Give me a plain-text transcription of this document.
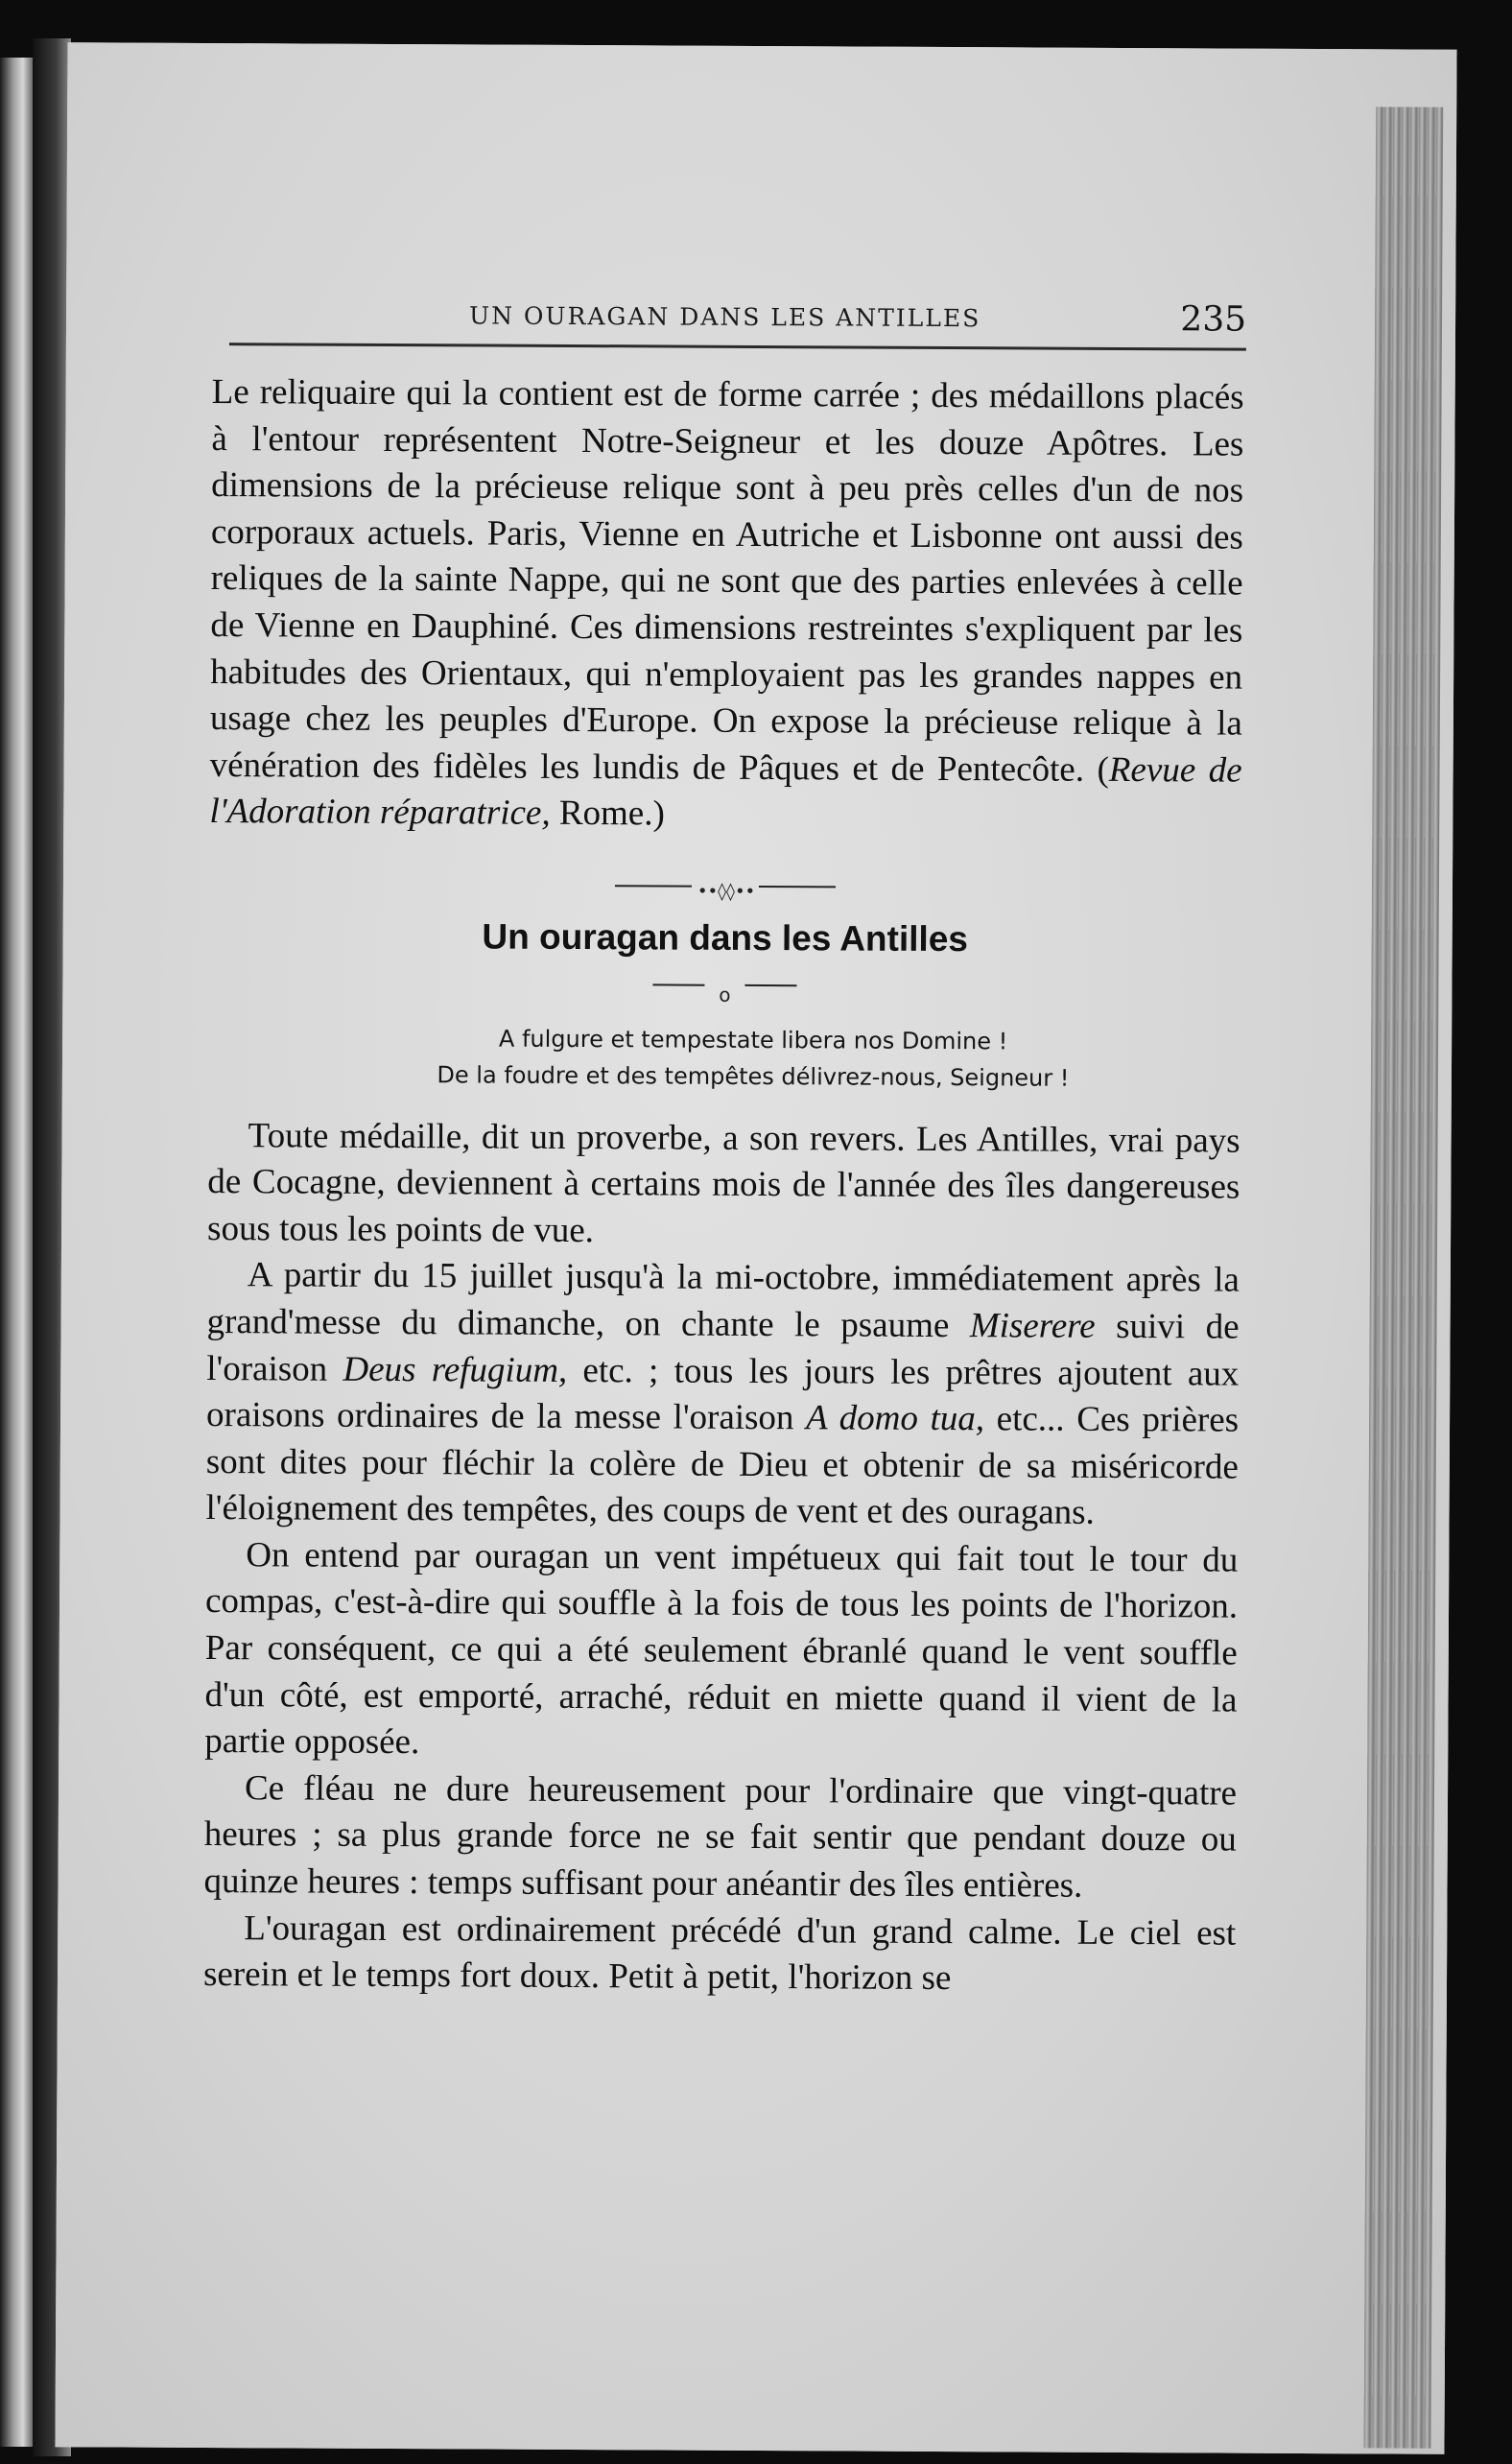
UN OURAGAN DANS LES ANTILLES	235

Le reliquaire qui la contient est de forme carrée ; des médaillons placés à l'entour représentent Notre-Seigneur et les douze Apôtres. Les dimensions de la précieuse relique sont à peu près celles d'un de nos corporaux actuels. Paris, Vienne en Autriche et Lisbonne ont aussi des reliques de la sainte Nappe, qui ne sont que des parties enlevées à celle de Vienne en Dauphiné. Ces dimensions restreintes s'expliquent par les habitudes des Orientaux, qui n'employaient pas les grandes nappes en usage chez les peuples d'Europe. On expose la précieuse relique à la vénération des fidèles les lundis de Pâques et de Pentecôte. (Revue de l'Adoration réparatrice, Rome.)

••◊◊••
Un ouragan dans les Antilles
o
A fulgure et tempestate libera nos Domine !
De la foudre et des tempêtes délivrez-nous, Seigneur !

Toute médaille, dit un proverbe, a son revers. Les Antilles, vrai pays de Cocagne, deviennent à certains mois de l'année des îles dangereuses sous tous les points de vue.

A partir du 15 juillet jusqu'à la mi-octobre, immédiatement après la grand'messe du dimanche, on chante le psaume Miserere suivi de l'oraison Deus refugium, etc. ; tous les jours les prêtres ajoutent aux oraisons ordinaires de la messe l'oraison A domo tua, etc... Ces prières sont dites pour fléchir la colère de Dieu et obtenir de sa miséricorde l'éloignement des tempêtes, des coups de vent et des ouragans.

On entend par ouragan un vent impétueux qui fait tout le tour du compas, c'est-à-dire qui souffle à la fois de tous les points de l'horizon. Par conséquent, ce qui a été seulement ébranlé quand le vent souffle d'un côté, est emporté, arraché, réduit en miette quand il vient de la partie opposée.

Ce fléau ne dure heureusement pour l'ordinaire que vingt-quatre heures ; sa plus grande force ne se fait sentir que pendant douze ou quinze heures : temps suffisant pour anéantir des îles entières.

L'ouragan est ordinairement précédé d'un grand calme. Le ciel est serein et le temps fort doux. Petit à petit, l'horizon se
